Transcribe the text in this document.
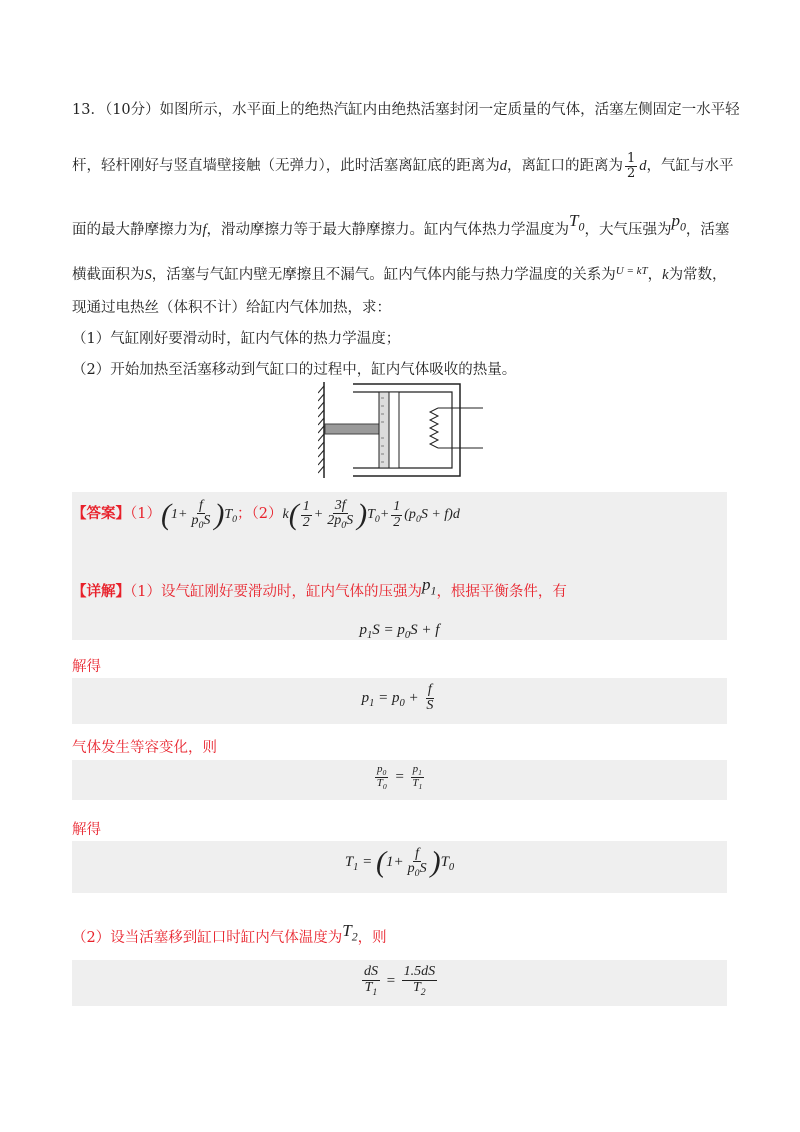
13．（10分）如图所示，水平面上的绝热汽缸内由绝热活塞封闭一定质量的气体，活塞左侧固定一水平轻
杆，轻杆刚好与竖直墙壁接触（无弹力），此时活塞离缸底的距离为d，离缸口的距离为 $\frac{1}{2}$ d，气缸与水平
面的最大静摩擦力为f，滑动摩擦力等于最大静摩擦力。缸内气体热力学温度为$T_0$，大气压强为$p_0$，活塞
横截面积为S，活塞与气缸内壁无摩擦且不漏气。缸内气体内能与热力学温度的关系为$^{U = kT}$，k为常数，
现通过电热丝（体积不计）给缸内气体加热，求：
（1）气缸刚好要滑动时，缸内气体的热力学温度；
（2）开始加热至活塞移动到气缸口的过程中，缸内气体吸收的热量。
【答案】$(1)(1+ \frac{f}{p_0S} )T_0$；$(2)k( \frac{1}{2} + \frac{3f}{2p_0S} )T_0+ \frac{1}{2} (p_0S + f)d$
【详解】（1）设气缸刚好要滑动时，缸内气体的压强为$p_1$，根据平衡条件，有
$p_1S = p_0S + f$
解得
$p_1 = p_0 + \frac{f}{S}$
气体发生等容变化，则
$\frac{p_0}{T_0} = \frac{p_1}{T_1}$
解得
$T_1 = (1+ \frac{f}{p_0S} )T_0$
（2）设当活塞移到缸口时缸内气体温度为$T_2$，则
$\frac{dS}{T_1} = \frac{1.5dS}{T_2}$
